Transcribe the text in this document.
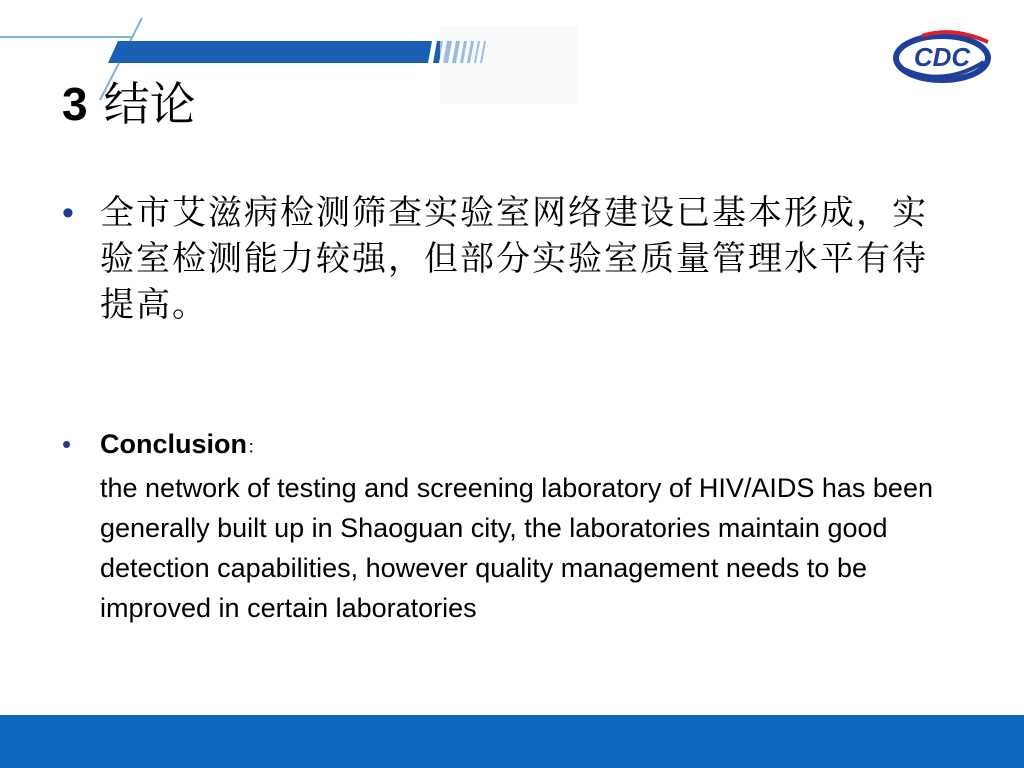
CDC
3 结论
• 全市艾滋病检测筛查实验室网络建设已基本形成，实验室检测能力较强，但部分实验室质量管理水平有待提高。
•	Conclusion：
the network of testing and screening laboratory of HIV/AIDS has been generally built up in Shaoguan city, the laboratories maintain good detection capabilities, however quality management needs to be improved in certain laboratories
